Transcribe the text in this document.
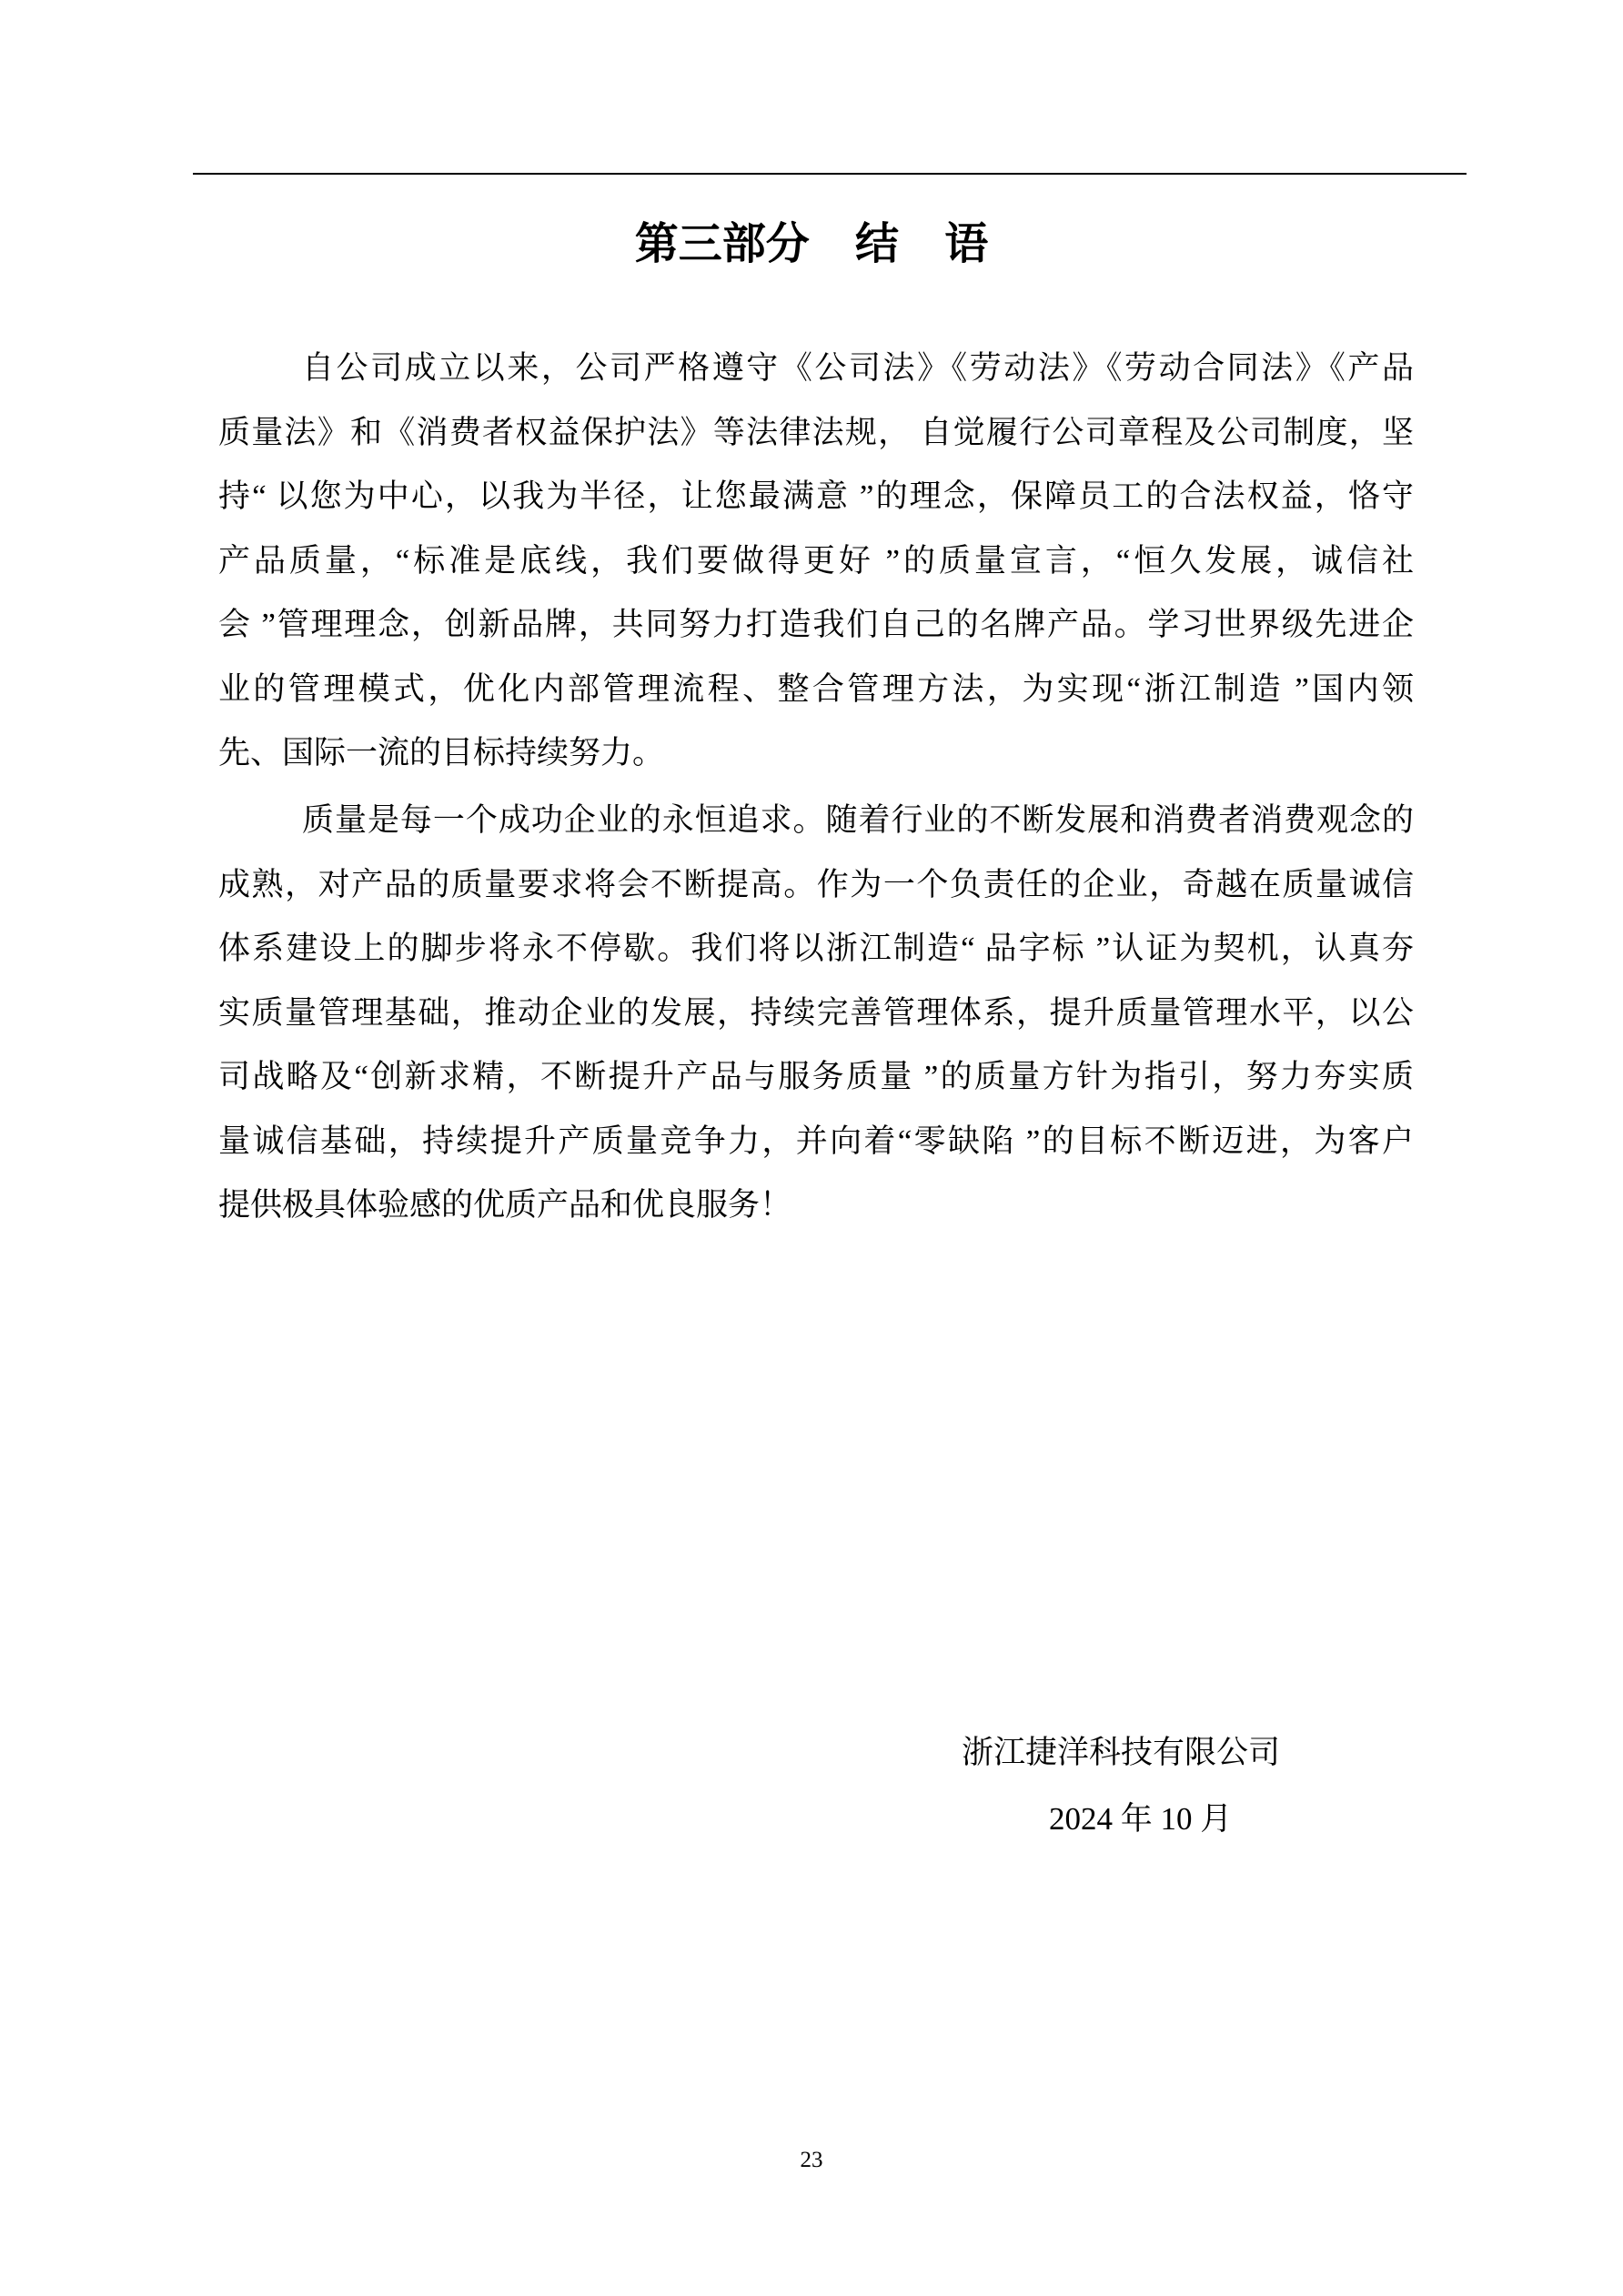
第三部分 结 语
自公司成立以来，公司严格遵守《公司法》《劳动法》《劳动合同法》《产品
质量法》和《消费者权益保护法》等法律法规， 自觉履行公司章程及公司制度，坚
持“ 以您为中心，以我为半径，让您最满意 ”的理念，保障员工的合法权益，恪守
产品质量，“标准是底线，我们要做得更好 ”的质量宣言，“恒久发展，诚信社
会 ”管理理念，创新品牌，共同努力打造我们自己的名牌产品。学习世界级先进企
业的管理模式，优化内部管理流程、整合管理方法，为实现“浙江制造 ”国内领
先、国际一流的目标持续努力。
质量是每一个成功企业的永恒追求。随着行业的不断发展和消费者消费观念的
成熟，对产品的质量要求将会不断提高。作为一个负责任的企业，奇越在质量诚信
体系建设上的脚步将永不停歇。我们将以浙江制造“ 品字标 ”认证为契机，认真夯
实质量管理基础，推动企业的发展，持续完善管理体系，提升质量管理水平，以公
司战略及“创新求精，不断提升产品与服务质量 ”的质量方针为指引，努力夯实质
量诚信基础，持续提升产质量竞争力，并向着“零缺陷 ”的目标不断迈进，为客户
提供极具体验感的优质产品和优良服务！
浙江捷洋科技有限公司
2024 年 10 月
23
